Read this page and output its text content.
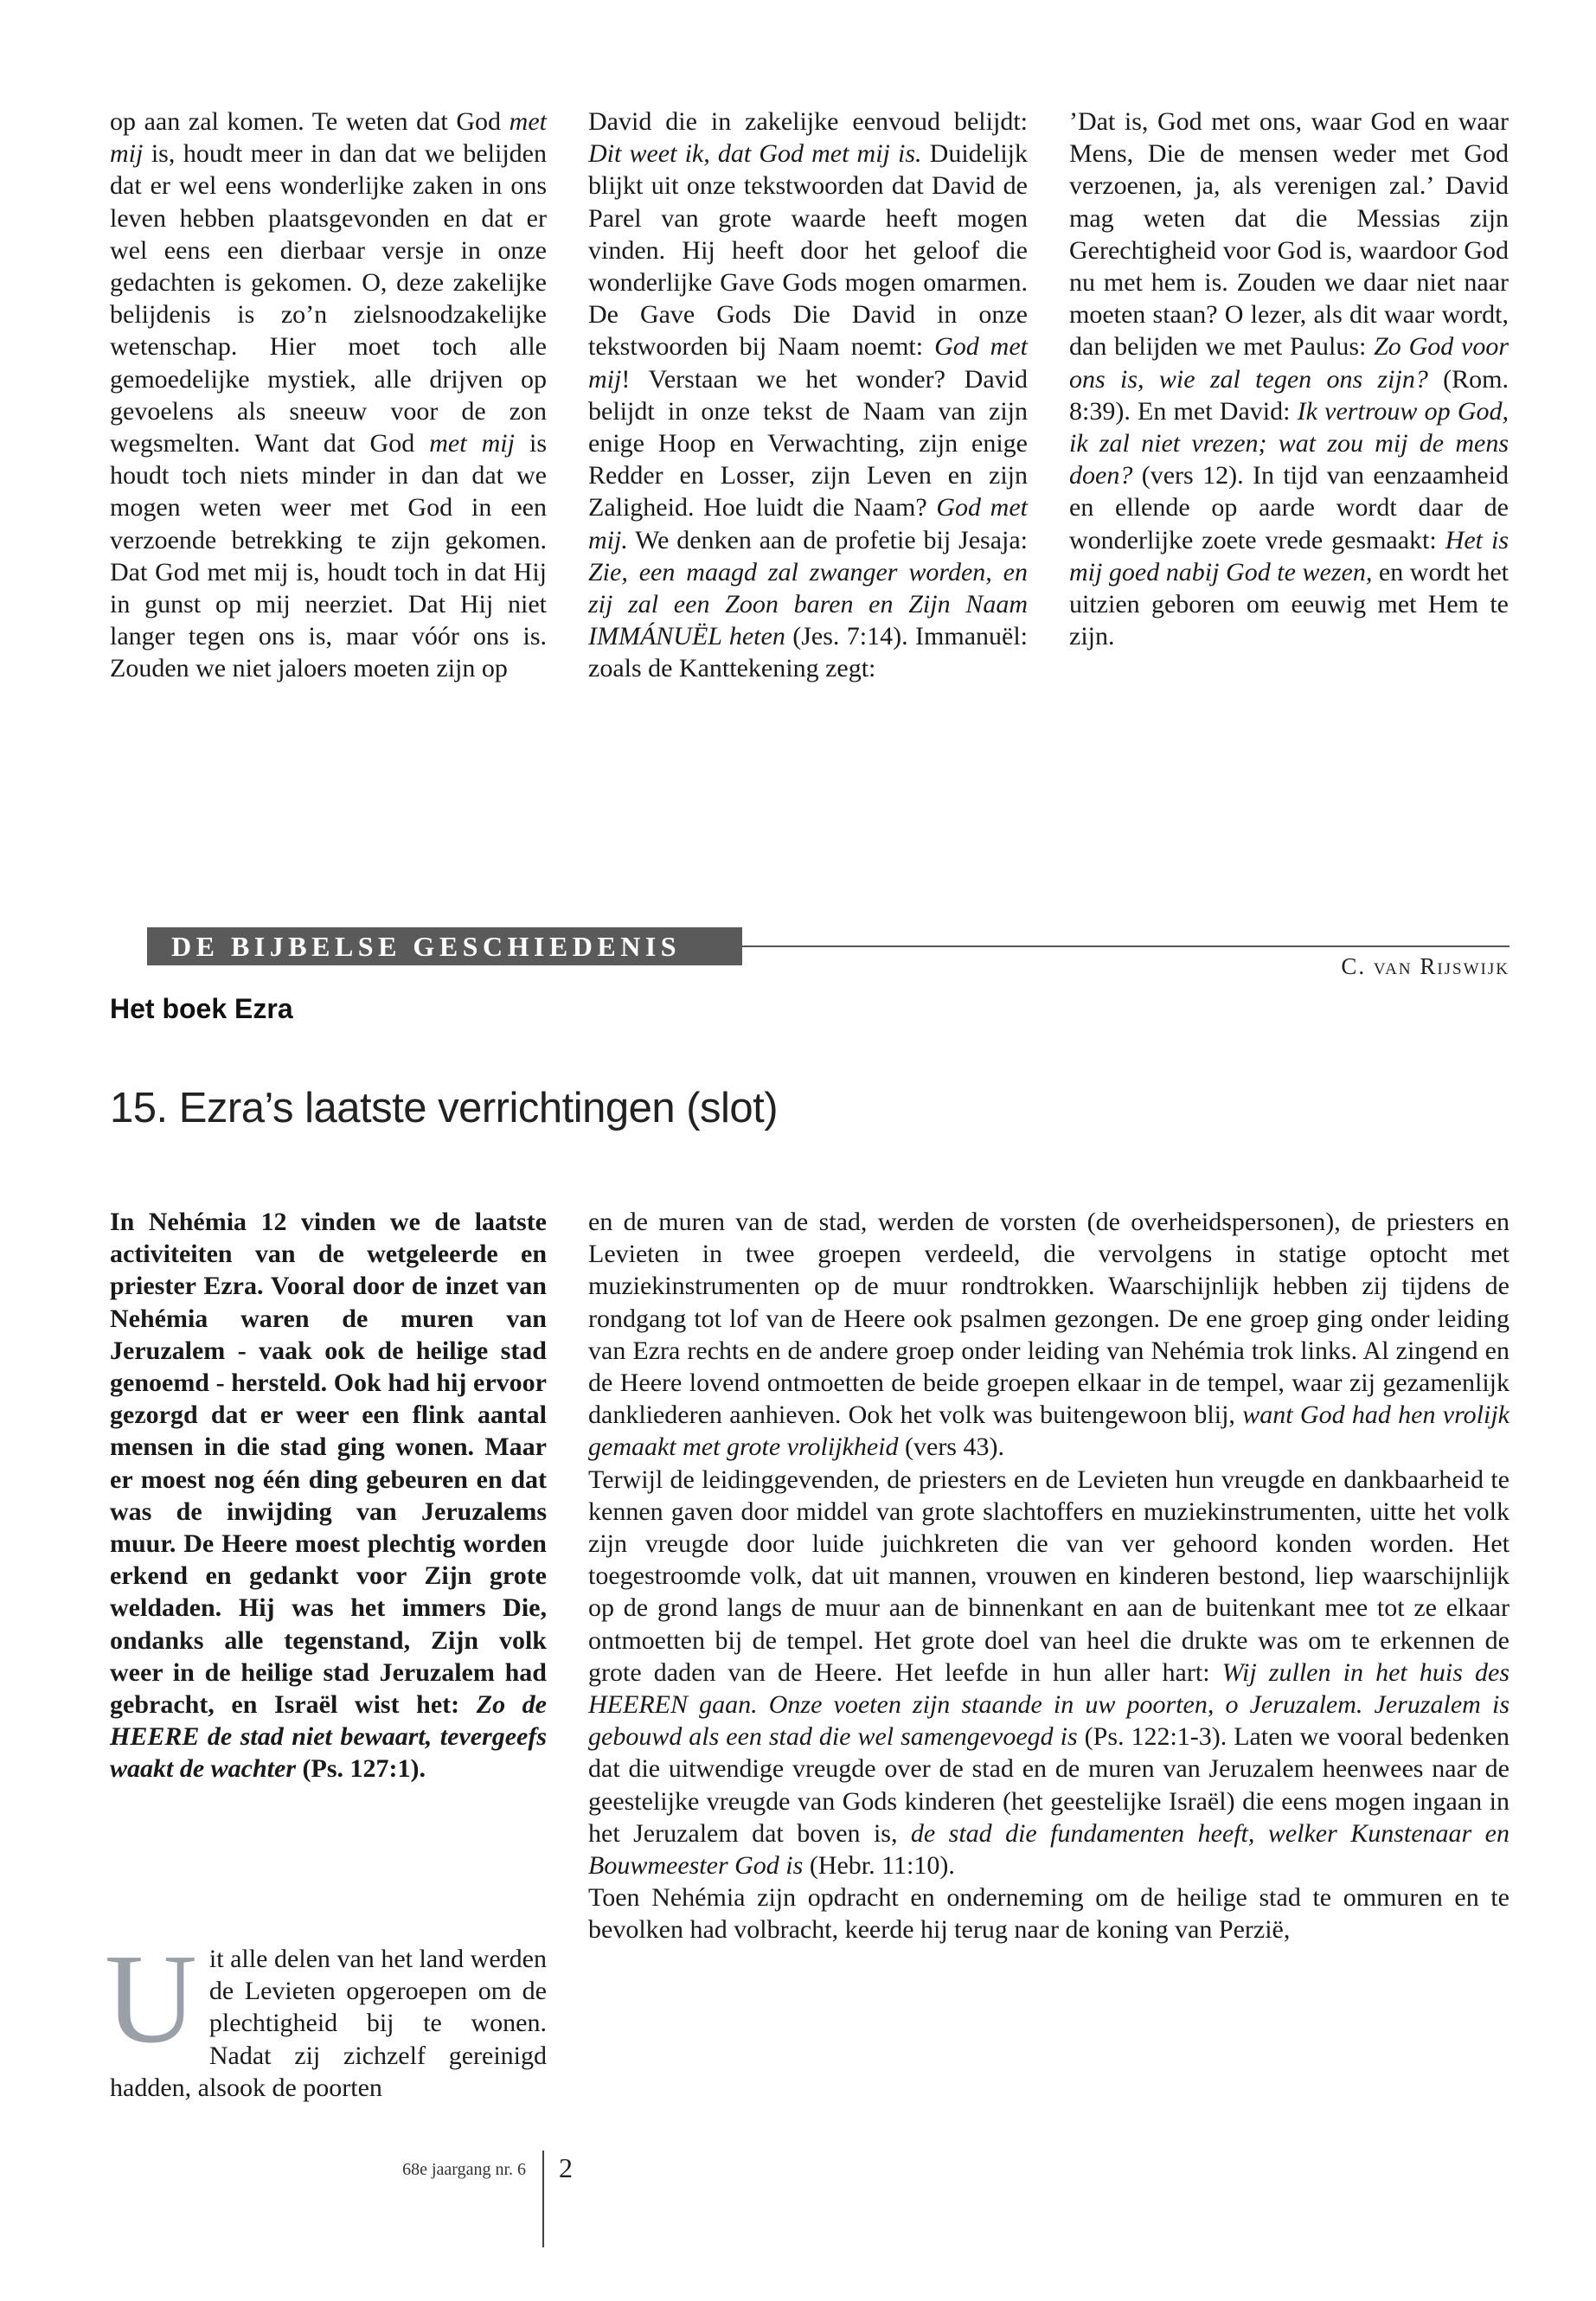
op aan zal komen. Te weten dat God met mij is, houdt meer in dan dat we belijden dat er wel eens wonderlijke zaken in ons leven hebben plaatsgevonden en dat er wel eens een dierbaar versje in onze gedachten is gekomen. O, deze zakelijke belijdenis is zo’n zielsnoodzakelijke wetenschap. Hier moet toch alle gemoedelijke mystiek, alle drijven op gevoelens als sneeuw voor de zon wegsmelten. Want dat God met mij is houdt toch niets minder in dan dat we mogen weten weer met God in een verzoende betrekking te zijn gekomen. Dat God met mij is, houdt toch in dat Hij in gunst op mij neerziet. Dat Hij niet langer tegen ons is, maar vóór ons is. Zouden we niet jaloers moeten zijn op
David die in zakelijke eenvoud belijdt: Dit weet ik, dat God met mij is. Duidelijk blijkt uit onze tekstwoorden dat David de Parel van grote waarde heeft mogen vinden. Hij heeft door het geloof die wonderlijke Gave Gods mogen omarmen. De Gave Gods Die David in onze tekstwoorden bij Naam noemt: God met mij! Verstaan we het wonder? David belijdt in onze tekst de Naam van zijn enige Hoop en Verwachting, zijn enige Redder en Losser, zijn Leven en zijn Zaligheid. Hoe luidt die Naam? God met mij. We denken aan de profetie bij Jesaja: Zie, een maagd zal zwanger worden, en zij zal een Zoon baren en Zijn Naam IMMÁNUËL heten (Jes. 7:14). Immanuël: zoals de Kanttekening zegt:
’Dat is, God met ons, waar God en waar Mens, Die de mensen weder met God verzoenen, ja, als verenigen zal.’ David mag weten dat die Messias zijn Gerechtigheid voor God is, waardoor God nu met hem is. Zouden we daar niet naar moeten staan? O lezer, als dit waar wordt, dan belijden we met Paulus: Zo God voor ons is, wie zal tegen ons zijn? (Rom. 8:39). En met David: Ik vertrouw op God, ik zal niet vrezen; wat zou mij de mens doen? (vers 12). In tijd van eenzaamheid en ellende op aarde wordt daar de wonderlijke zoete vrede gesmaakt: Het is mij goed nabij God te wezen, en wordt het uitzien geboren om eeuwig met Hem te zijn.
DE BIJBELSE GESCHIEDENIS
C. van Rijswijk
Het boek Ezra
15. Ezra’s laatste verrichtingen (slot)
In Nehémia 12 vinden we de laatste activiteiten van de wetgeleerde en priester Ezra. Vooral door de inzet van Nehémia waren de muren van Jeruzalem - vaak ook de heilige stad genoemd - hersteld. Ook had hij ervoor gezorgd dat er weer een flink aantal mensen in die stad ging wonen. Maar er moest nog één ding gebeuren en dat was de inwijding van Jeruzalems muur. De Heere moest plechtig worden erkend en gedankt voor Zijn grote weldaden. Hij was het immers Die, ondanks alle tegenstand, Zijn volk weer in de heilige stad Jeruzalem had gebracht, en Israël wist het: Zo de HEERE de stad niet bewaart, tevergeefs waakt de wachter (Ps. 127:1).
Uit alle delen van het land werden de Levieten opgeroepen om de plechtigheid bij te wonen. Nadat zij zichzelf gereinigd hadden, alsook de poorten

en de muren van de stad, werden de vorsten (de overheidspersonen), de priesters en Levieten in twee groepen verdeeld, die vervolgens in statige optocht met muziekinstrumenten op de muur rondtrokken. Waarschijnlijk hebben zij tijdens de rondgang tot lof van de Heere ook psalmen gezongen. De ene groep ging onder leiding van Ezra rechts en de andere groep onder leiding van Nehémia trok links. Al zingend en de Heere lovend ontmoetten de beide groepen elkaar in de tempel, waar zij gezamenlijk dankliederen aanhieven. Ook het volk was buitengewoon blij, want God had hen vrolijk gemaakt met grote vrolijkheid (vers 43).

Terwijl de leidinggevenden, de priesters en de Levieten hun vreugde en dankbaarheid te kennen gaven door middel van grote slachtoffers en muziekinstrumenten, uitte het volk zijn vreugde door luide juichkreten die van ver gehoord konden worden. Het toegestroomde volk, dat uit mannen, vrouwen en kinderen bestond, liep waarschijnlijk op de grond langs de muur aan de binnenkant en aan de buitenkant mee tot ze elkaar ontmoetten bij de tempel. Het grote doel van heel die drukte was om te erkennen de grote daden van de Heere. Het leefde in hun aller hart: Wij zullen in het huis des HEEREN gaan. Onze voeten zijn staande in uw poorten, o Jeruzalem. Jeruzalem is gebouwd als een stad die wel samengevoegd is (Ps. 122:1-3). Laten we vooral bedenken dat die uitwendige vreugde over de stad en de muren van Jeruzalem heenwees naar de geestelijke vreugde van Gods kinderen (het geestelijke Israël) die eens mogen ingaan in het Jeruzalem dat boven is, de stad die fundamenten heeft, welker Kunstenaar en Bouwmeester God is (Hebr. 11:10).

Toen Nehémia zijn opdracht en onderneming om de heilige stad te ommuren en te bevolken had volbracht, keerde hij terug naar de koning van Perzië,

68e jaargang nr. 6 2
